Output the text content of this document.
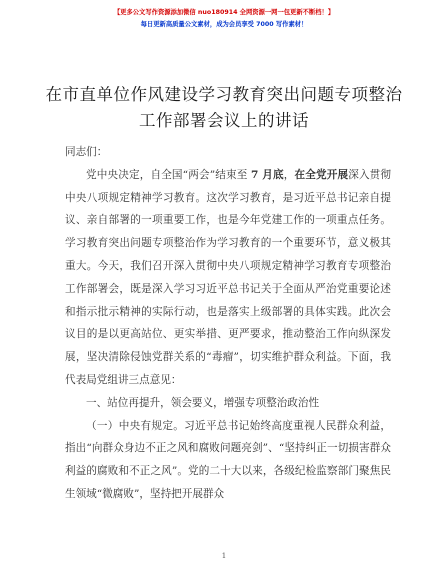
【更多公文写作资源添加微信 nuo180914 全网资源一网一包更新不断档！】
每日更新高质量公文素材，成为会员享受 7000 写作素材！
在市直单位作风建设学习教育突出问题专项整治工作部署会议上的讲话

同志们：

党中央决定，自全国“两会”结束至 7 月底，在全党开展深入贯彻中央八项规定精神学习教育。这次学习教育，是习近平总书记亲自提议、亲自部署的一项重要工作，也是今年党建工作的一项重点任务。学习教育突出问题专项整治作为学习教育的一个重要环节，意义极其重大。今天，我们召开深入贯彻中央八项规定精神学习教育专项整治工作部署会，既是深入学习习近平总书记关于全面从严治党重要论述和指示批示精神的实际行动，也是落实上级部署的具体实践。此次会议目的是以更高站位、更实举措、更严要求，推动整治工作向纵深发展，坚决清除侵蚀党群关系的“毒瘤”，切实维护群众利益。下面，我代表局党组讲三点意见：

一、站位再提升，领会要义，增强专项整治政治性

（一）中央有规定。习近平总书记始终高度重视人民群众利益，指出“向群众身边不正之风和腐败问题亮剑”、“坚持纠正一切损害群众利益的腐败和不正之风”。党的二十大以来，各级纪检监察部门聚焦民生领域“微腐败”，坚持把开展群众

1
